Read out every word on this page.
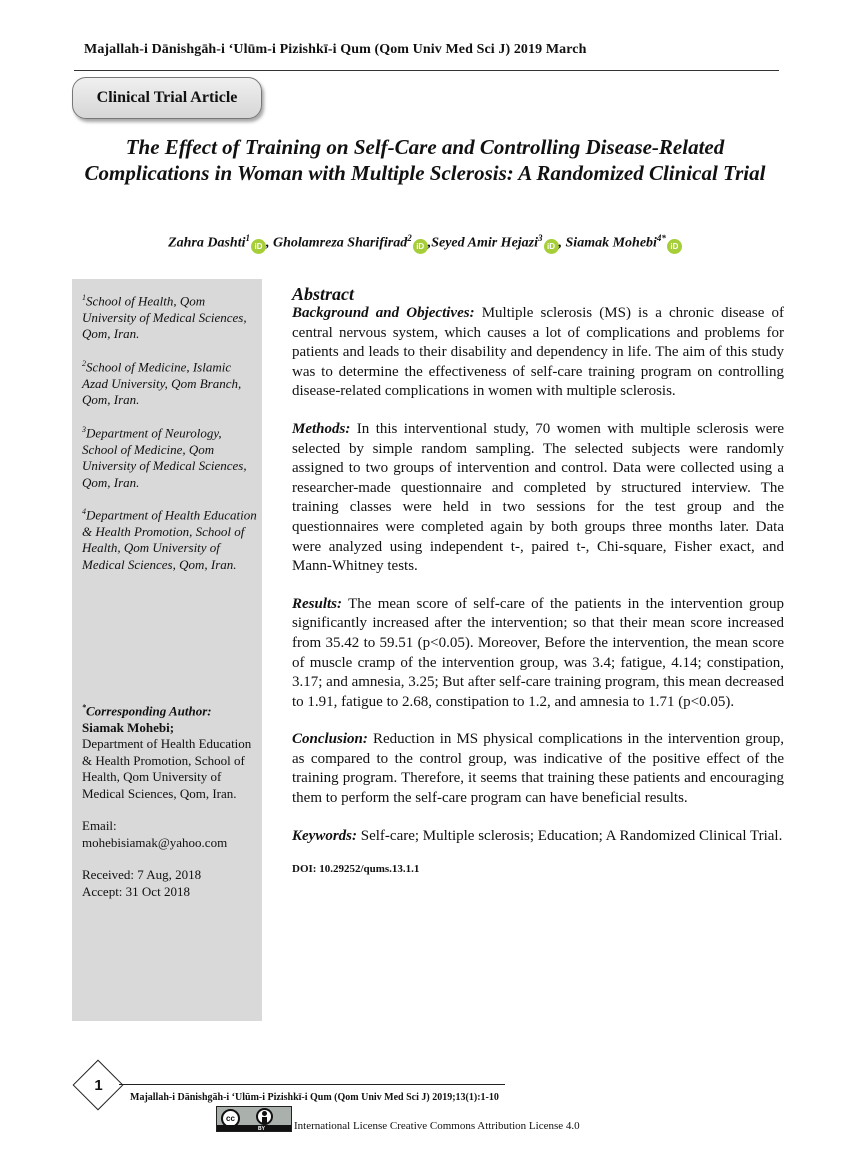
Majallah-i Dānishgāh-i ʻUlūm-i Pizishkī-i Qum (Qom Univ Med Sci J) 2019 March
Clinical Trial Article
The Effect of Training on Self-Care and Controlling Disease-Related Complications in Woman with Multiple Sclerosis: A Randomized Clinical Trial
Zahra Dashti$^1$iD , Gholamreza Sharifirad$^2$iD ,Seyed Amir Hejazi$^3$iD , Siamak Mohebi$^{4*}$iD
$^1$School of Health, Qom University of Medical Sciences, Qom, Iran.
$^2$School of Medicine, Islamic Azad University, Qom Branch, Qom, Iran.
$^3$Department of Neurology, School of Medicine, Qom University of Medical Sciences, Qom, Iran.
$^4$Department of Health Education & Health Promotion, School of Health, Qom University of Medical Sciences, Qom, Iran.

*Corresponding Author:

Siamak Mohebi;

Department of Health Education & Health Promotion, School of Health, Qom University of Medical Sciences, Qom, Iran.

Email:

mohebisiamak@yahoo.com

Received: 7 Aug, 2018

Accept: 31 Oct 2018

Abstract

Background and Objectives: Multiple sclerosis (MS) is a chronic disease of central nervous system, which causes a lot of complications and problems for patients and leads to their disability and dependency in life. The aim of this study was to determine the effectiveness of self-care training program on controlling disease-related complications in women with multiple sclerosis.

Methods: In this interventional study, 70 women with multiple sclerosis were selected by simple random sampling. The selected subjects were randomly assigned to two groups of intervention and control. Data were collected using a researcher-made questionnaire and completed by structured interview. The training classes were held in two sessions for the test group and the questionnaires were completed again by both groups three months later. Data were analyzed using independent t-, paired t-, Chi-square, Fisher exact, and Mann-Whitney tests.

Results: The mean score of self-care of the patients in the intervention group significantly increased after the intervention; so that their mean score increased from 35.42 to 59.51 (p<0.05). Moreover, Before the intervention, the mean score of muscle cramp of the intervention group, was 3.4; fatigue, 4.14; constipation, 3.17; and amnesia, 3.25; But after self-care training program, this mean decreased to 1.91, fatigue to 2.68, constipation to 1.2, and amnesia to 1.71 (p<0.05).

Conclusion: Reduction in MS physical complications in the intervention group, as compared to the control group, was indicative of the positive effect of the training program. Therefore, it seems that training these patients and encouraging them to perform the self-care program can have beneficial results.

Keywords: Self-care; Multiple sclerosis; Education; A Randomized Clinical Trial.

DOI: 10.29252/qums.13.1.1

1
Majallah-i Dānishgāh-i ʻUlūm-i Pizishkī-i Qum (Qom Univ Med Sci J) 2019;13(1):1-10
cc
BY	International License Creative Commons Attribution License 4.0
